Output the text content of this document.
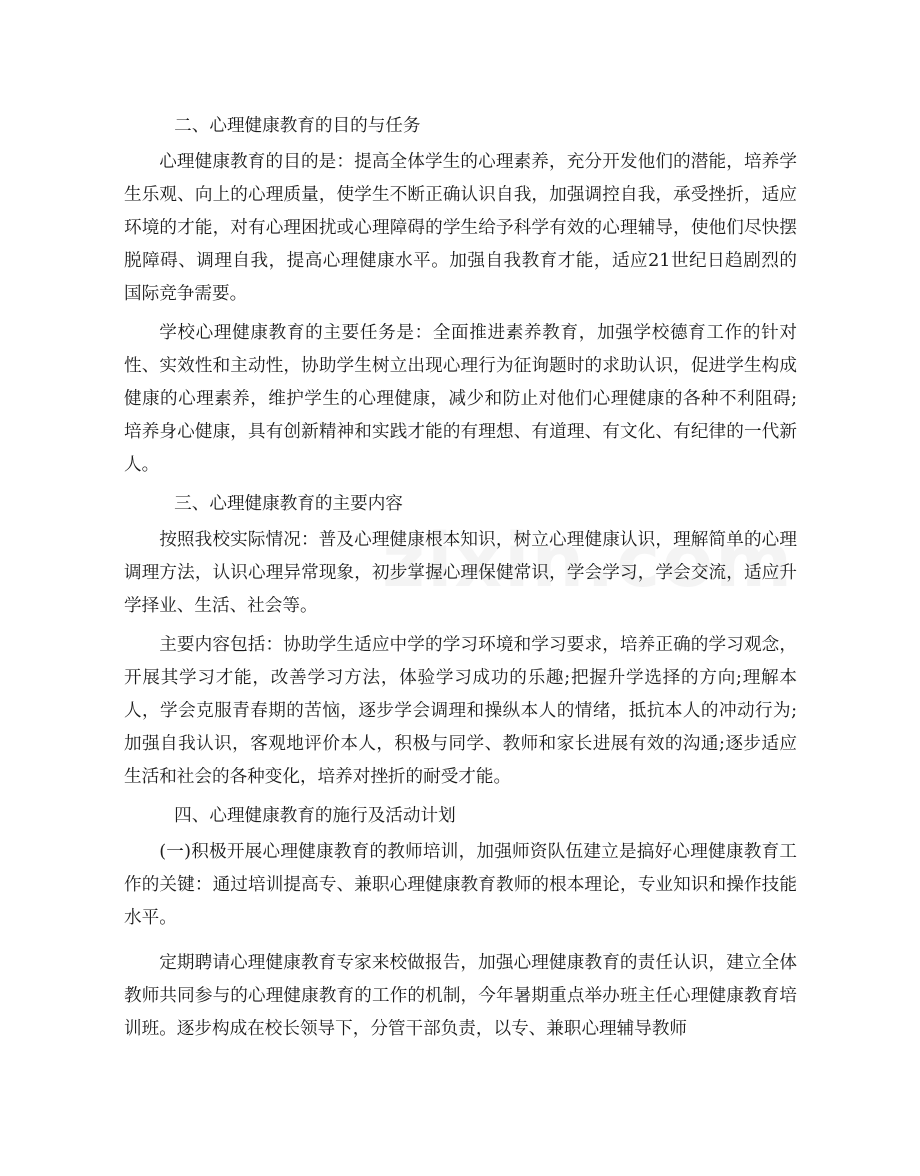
二、心理健康教育的目的与任务

心理健康教育的目的是：提高全体学生的心理素养，充分开发他们的潜能，培养学生乐观、向上的心理质量，使学生不断正确认识自我，加强调控自我，承受挫折，适应环境的才能，对有心理困扰或心理障碍的学生给予科学有效的心理辅导，使他们尽快摆脱障碍、调理自我，提高心理健康水平。加强自我教育才能，适应21世纪日趋剧烈的国际竞争需要。

学校心理健康教育的主要任务是：全面推进素养教育，加强学校德育工作的针对性、实效性和主动性，协助学生树立出现心理行为征询题时的求助认识，促进学生构成健康的心理素养，维护学生的心理健康，减少和防止对他们心理健康的各种不利阻碍;培养身心健康，具有创新精神和实践才能的有理想、有道理、有文化、有纪律的一代新人。

三、心理健康教育的主要内容

按照我校实际情况：普及心理健康根本知识，树立心理健康认识，理解简单的心理调理方法，认识心理异常现象，初步掌握心理保健常识，学会学习，学会交流，适应升学择业、生活、社会等。

主要内容包括：协助学生适应中学的学习环境和学习要求，培养正确的学习观念，开展其学习才能，改善学习方法，体验学习成功的乐趣;把握升学选择的方向;理解本人，学会克服青春期的苦恼，逐步学会调理和操纵本人的情绪，抵抗本人的冲动行为;加强自我认识，客观地评价本人，积极与同学、教师和家长进展有效的沟通;逐步适应生活和社会的各种变化，培养对挫折的耐受才能。

四、心理健康教育的施行及活动计划

(一)积极开展心理健康教育的教师培训，加强师资队伍建立是搞好心理健康教育工作的关键：通过培训提高专、兼职心理健康教育教师的根本理论，专业知识和操作技能水平。

定期聘请心理健康教育专家来校做报告，加强心理健康教育的责任认识，建立全体教师共同参与的心理健康教育的工作的机制，今年暑期重点举办班主任心理健康教育培训班。逐步构成在校长领导下，分管干部负责，以专、兼职心理辅导教师
